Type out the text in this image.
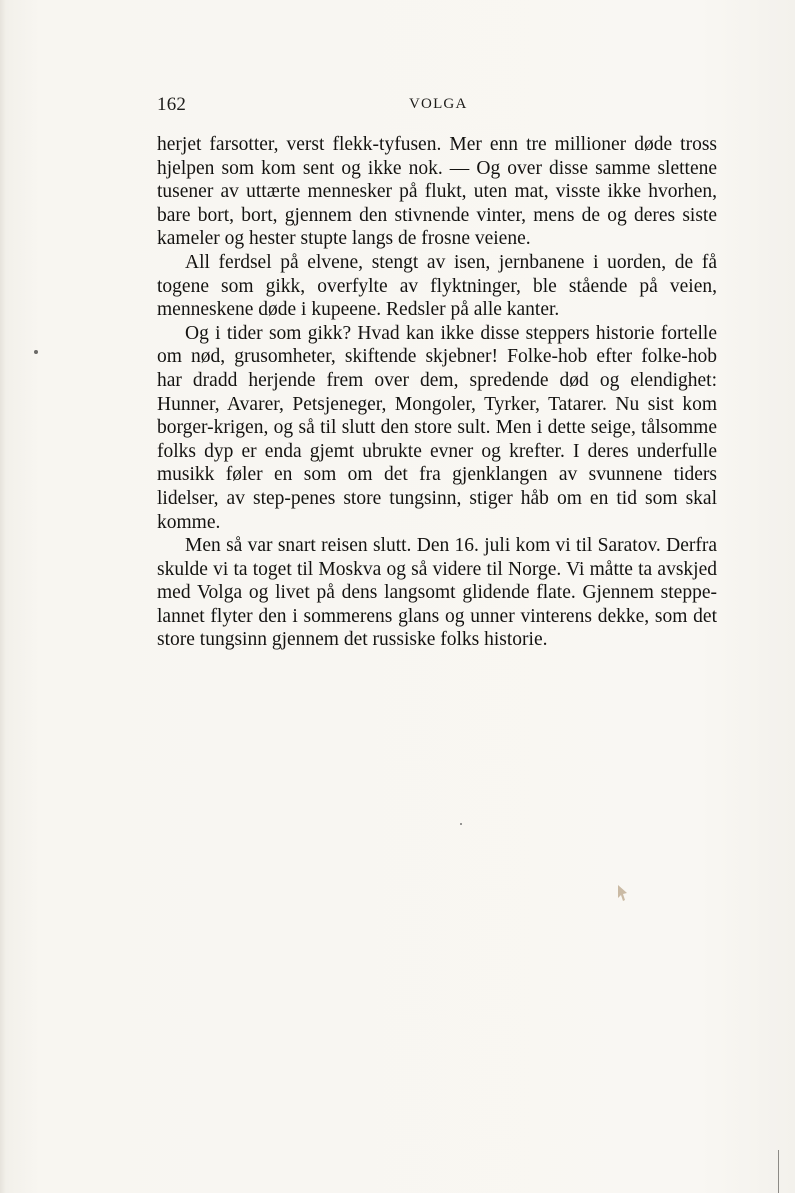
162	VOLGA

herjet farsotter, verst flekk-tyfusen. Mer enn tre millioner døde tross hjelpen som kom sent og ikke nok. — Og over disse samme slettene tusener av uttærte mennesker på flukt, uten mat, visste ikke hvorhen, bare bort, bort, gjennem den stivnende vinter, mens de og deres siste kameler og hester stupte langs de frosne veiene.

All ferdsel på elvene, stengt av isen, jernbanene i uorden, de få togene som gikk, overfylte av flyktninger, ble stående på veien, menneskene døde i kupeene. Redsler på alle kanter.

Og i tider som gikk? Hvad kan ikke disse steppers historie fortelle om nød, grusomheter, skiftende skjebner! Folke-hob efter folke-hob har dradd herjende frem over dem, spredende død og elendighet: Hunner, Avarer, Petsjeneger, Mongoler, Tyrker, Tatarer. Nu sist kom borger-krigen, og så til slutt den store sult. Men i dette seige, tålsomme folks dyp er enda gjemt ubrukte evner og krefter. I deres underfulle musikk føler en som om det fra gjenklangen av svunnene tiders lidelser, av step-penes store tungsinn, stiger håb om en tid som skal komme.

Men så var snart reisen slutt. Den 16. juli kom vi til Saratov. Derfra skulde vi ta toget til Moskva og så videre til Norge. Vi måtte ta avskjed med Volga og livet på dens langsomt glidende flate. Gjennem steppe-lannet flyter den i sommerens glans og unner vinterens dekke, som det store tungsinn gjennem det russiske folks historie.
